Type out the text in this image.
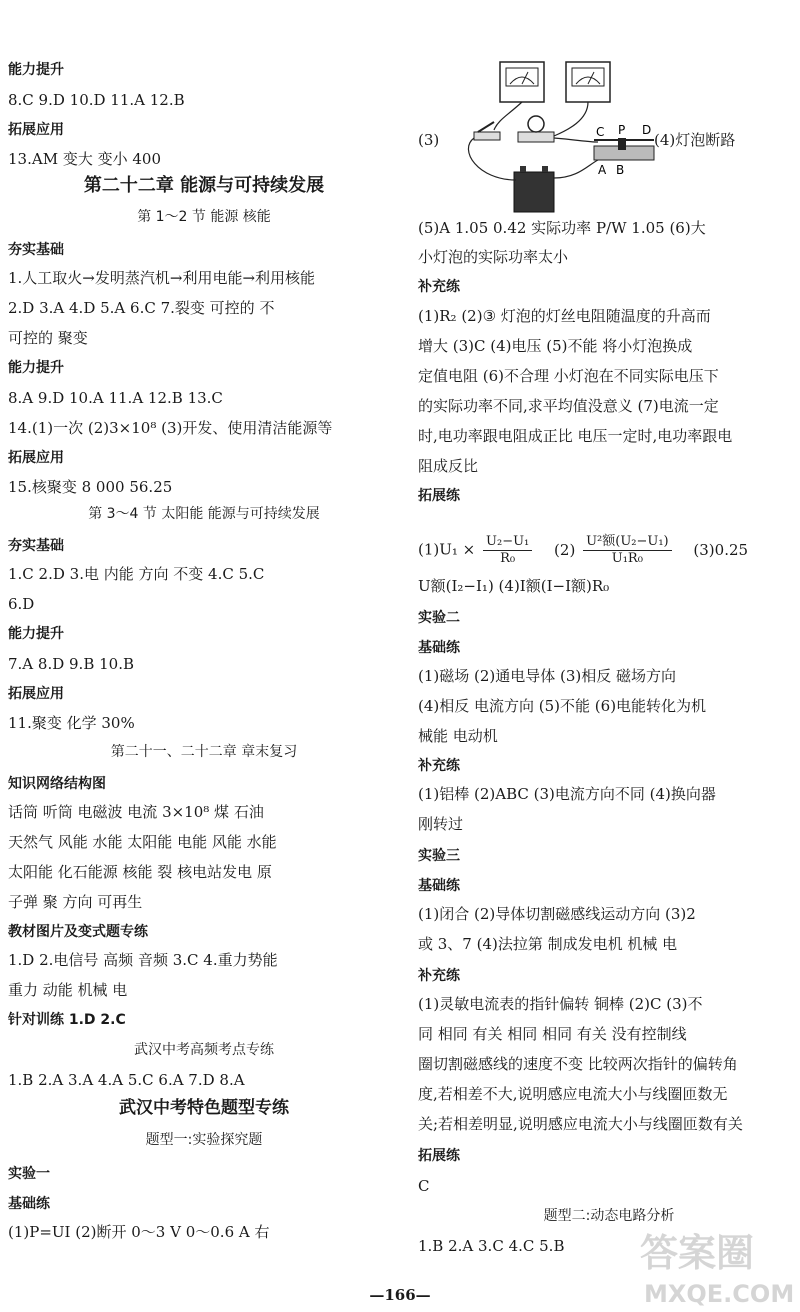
能力提升
8.C 9.D 10.D 11.A 12.B
拓展应用
13.AM 变大 变小 400
第二十二章 能源与可持续发展
第 1～2 节 能源 核能
夯实基础
1.人工取火→发明蒸汽机→利用电能→利用核能
2.D 3.A 4.D 5.A 6.C 7.裂变 可控的 不
可控的 聚变
能力提升
8.A 9.D 10.A 11.A 12.B 13.C
14.(1)一次 (2)3×10⁸ (3)开发、使用清洁能源等
拓展应用
15.核聚变 8 000 56.25
第 3～4 节 太阳能 能源与可持续发展
夯实基础
1.C 2.D 3.电 内能 方向 不变 4.C 5.C
6.D
能力提升
7.A 8.D 9.B 10.B
拓展应用
11.聚变 化学 30%
第二十一、二十二章 章末复习
知识网络结构图
话筒 听筒 电磁波 电流 3×10⁸ 煤 石油
天然气 风能 水能 太阳能 电能 风能 水能
太阳能 化石能源 核能 裂 核电站发电 原
子弹 聚 方向 可再生
教材图片及变式题专练
1.D 2.电信号 高频 音频 3.C 4.重力势能
重力 动能 机械 电
针对训练 1.D 2.C
武汉中考高频考点专练
1.B 2.A 3.A 4.A 5.C 6.A 7.D 8.A
武汉中考特色题型专练
题型一:实验探究题
实验一
基础练
(1)P=UI (2)断开 0～3 V 0～0.6 A 右
(3)	C P D
A B
(4)灯泡断路
$(1)U_1 \times \frac{\text{U₂−U₁}}{\text{R₀}} (2) \frac{\text{U²额(U₂−U₁)}}{\text{U₁R₀}} (3)0.25$
(5)A 1.05 0.42 实际功率 P/W 1.05 (6)大
小灯泡的实际功率太小
补充练
(1)R₂ (2)③ 灯泡的灯丝电阻随温度的升高而
增大 (3)C (4)电压 (5)不能 将小灯泡换成
定值电阻 (6)不合理 小灯泡在不同实际电压下
的实际功率不同,求平均值没意义 (7)电流一定
时,电功率跟电阻成正比 电压一定时,电功率跟电
阻成反比
拓展练
U额(I₂−I₁) (4)I额(I−I额)R₀
实验二
基础练
(1)磁场 (2)通电导体 (3)相反 磁场方向
(4)相反 电流方向 (5)不能 (6)电能转化为机
械能 电动机
补充练
(1)铝棒 (2)ABC (3)电流方向不同 (4)换向器
刚转过
实验三
基础练
(1)闭合 (2)导体切割磁感线运动方向 (3)2
或 3、7 (4)法拉第 制成发电机 机械 电
补充练
(1)灵敏电流表的指针偏转 铜棒 (2)C (3)不
同 相同 有关 相同 相同 有关 没有控制线
圈切割磁感线的速度不变 比较两次指针的偏转角
度,若相差不大,说明感应电流大小与线圈匝数无
关;若相差明显,说明感应电流大小与线圈匝数有关
拓展练
C
题型二:动态电路分析
1.B 2.A 3.C 4.C 5.B
—166—
答案圈
MXQE.COM
